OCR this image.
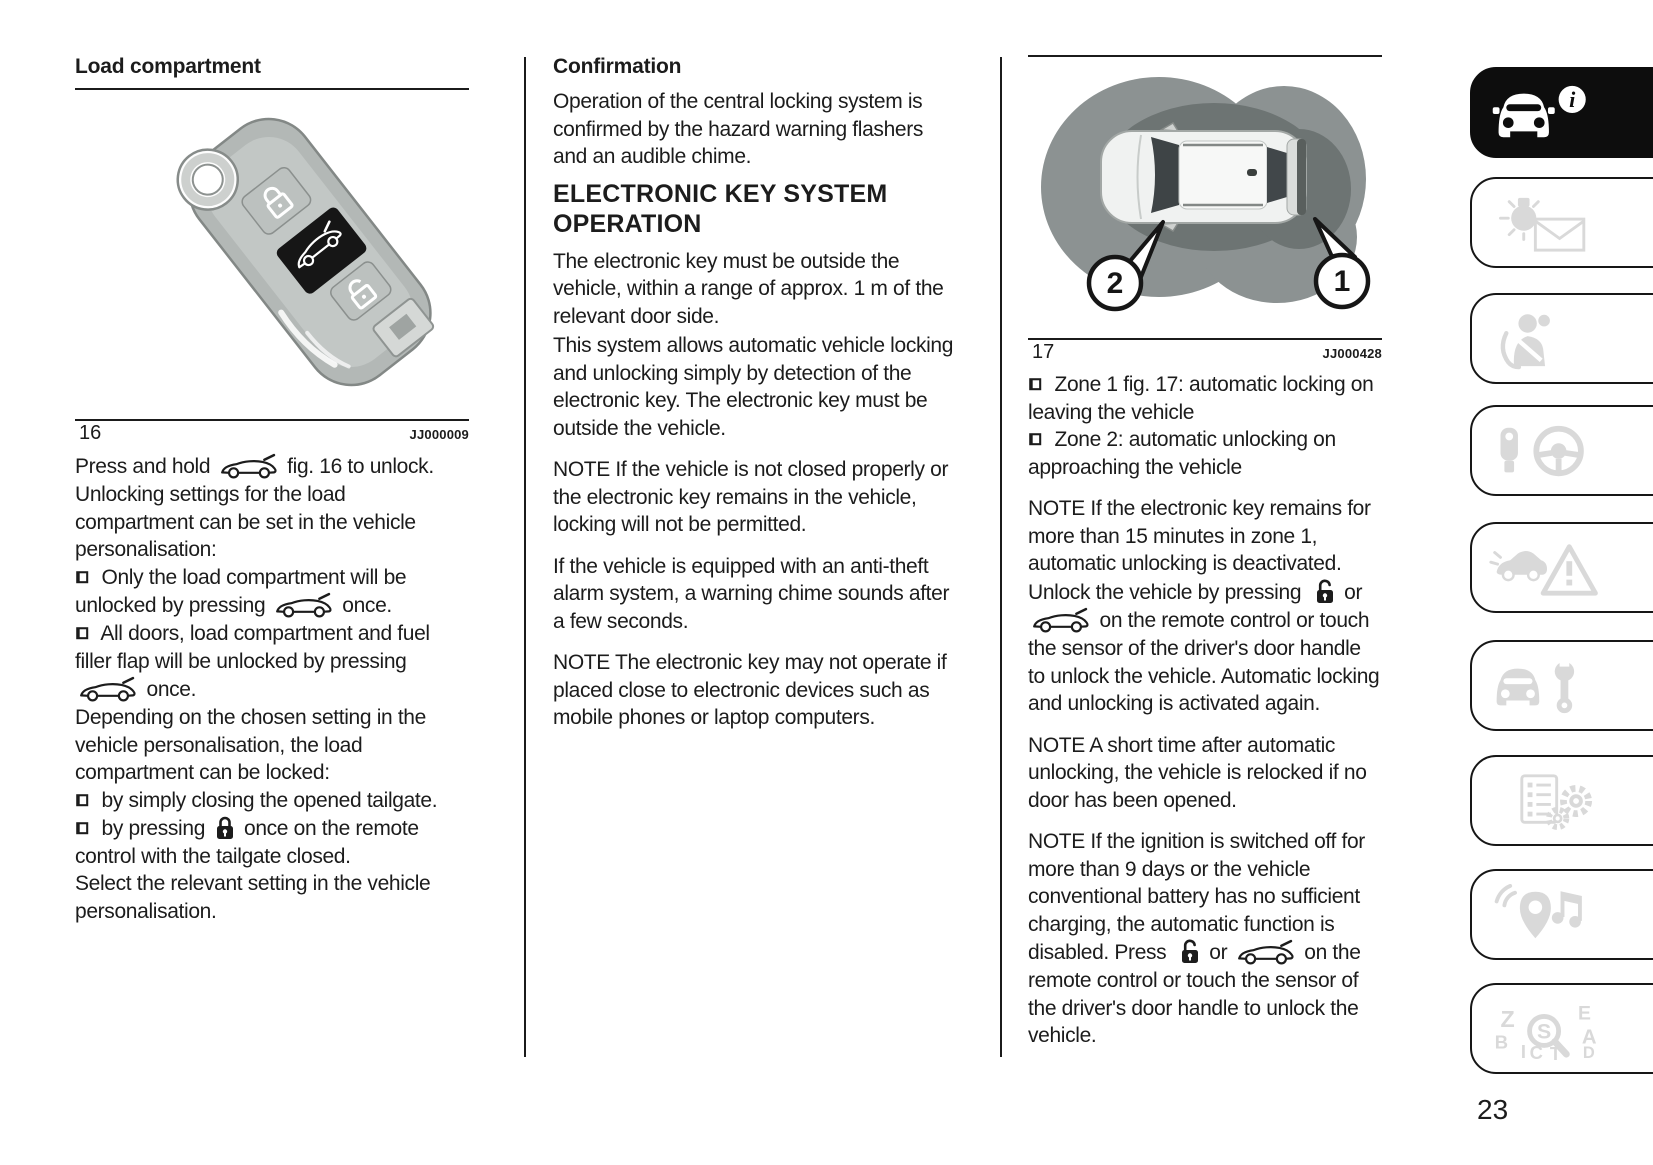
Load compartment
16	JJ000009

Press and hold	fig. 16 to unlock.

Unlocking settings for the load compartment can be set in the vehicle personalisation:

Only the load compartment will be unlocked by pressing	once.

All doors, load compartment and fuel filler flap will be unlocked by pressing  once.

Depending on the chosen setting in the vehicle personalisation, the load compartment can be locked:

by simply closing the opened tailgate.

by pressing  once on the remote control with the tailgate closed.

Select the relevant setting in the vehicle personalisation.

Confirmation

Operation of the central locking system is confirmed by the hazard warning flashers and an audible chime.

ELECTRONIC KEY SYSTEM OPERATION

The electronic key must be outside the vehicle, within a range of approx. 1 m of the relevant door side.

This system allows automatic vehicle locking and unlocking simply by detection of the electronic key. The electronic key must be outside the vehicle.

NOTE If the vehicle is not closed properly or the electronic key remains in the vehicle, locking will not be permitted.

If the vehicle is equipped with an anti-theft alarm system, a warning chime sounds after a few seconds.

NOTE The electronic key may not operate if placed close to electronic devices such as mobile phones or laptop computers.

2	1
17	JJ000428

Zone 1 fig. 17: automatic locking on leaving the vehicle

Zone 2: automatic unlocking on approaching the vehicle

NOTE If the electronic key remains for more than 15 minutes in zone 1, automatic unlocking is deactivated. Unlock the vehicle by pressing  or  on the remote control or touch the sensor of the driver's door handle to unlock the vehicle. Automatic locking and unlocking is activated again.

NOTE A short time after automatic unlocking, the vehicle is relocked if no door has been opened.

NOTE If the ignition is switched off for more than 9 days or the vehicle conventional battery has no sufficient charging, the automatic function is disabled. Press  or	on the remote control or touch the sensor of the driver's door handle to unlock the vehicle.

23
